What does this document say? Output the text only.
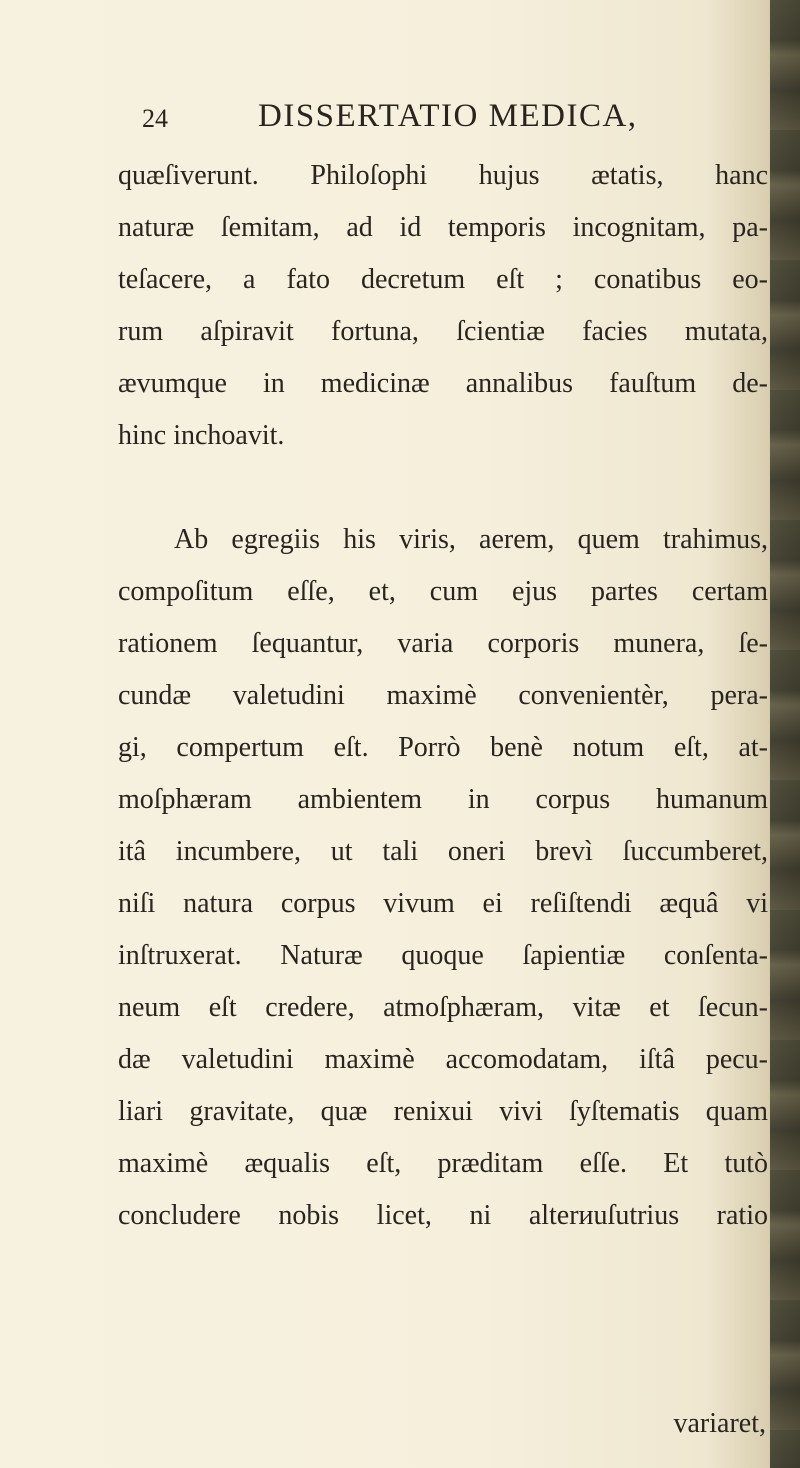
24	DISSERTATIO MEDICA,
quæſiverunt. Philoſophi hujus ætatis, hanc
naturæ ſemitam, ad id temporis incognitam, pa-
teſacere, a fato decretum eſt ; conatibus eo-
rum aſpiravit fortuna, ſcientiæ facies mutata,
ævumque in medicinæ annalibus fauſtum de-
hinc inchoavit.
Ab egregiis his viris, aerem, quem trahimus,
compoſitum eſſe, et, cum ejus partes certam
rationem ſequantur, varia corporis munera, ſe-
cundæ valetudini maximè convenientèr, pera-
gi, compertum eſt. Porrò benè notum eſt, at-
moſphæram ambientem in corpus humanum
itâ incumbere, ut tali oneri brevì ſuccumberet,
niſi natura corpus vivum ei reſiſtendi æquâ vi
inſtruxerat. Naturæ quoque ſapientiæ conſenta-
neum eſt credere, atmoſphæram, vitæ et ſecun-
dæ valetudini maximè accomodatam, iſtâ pecu-
liari gravitate, quæ renixui vivi ſyſtematis quam
maximè æqualis eſt, præditam eſſe. Et tutò
concludere nobis licet, ni alterиuſutrius ratio
variaret,
